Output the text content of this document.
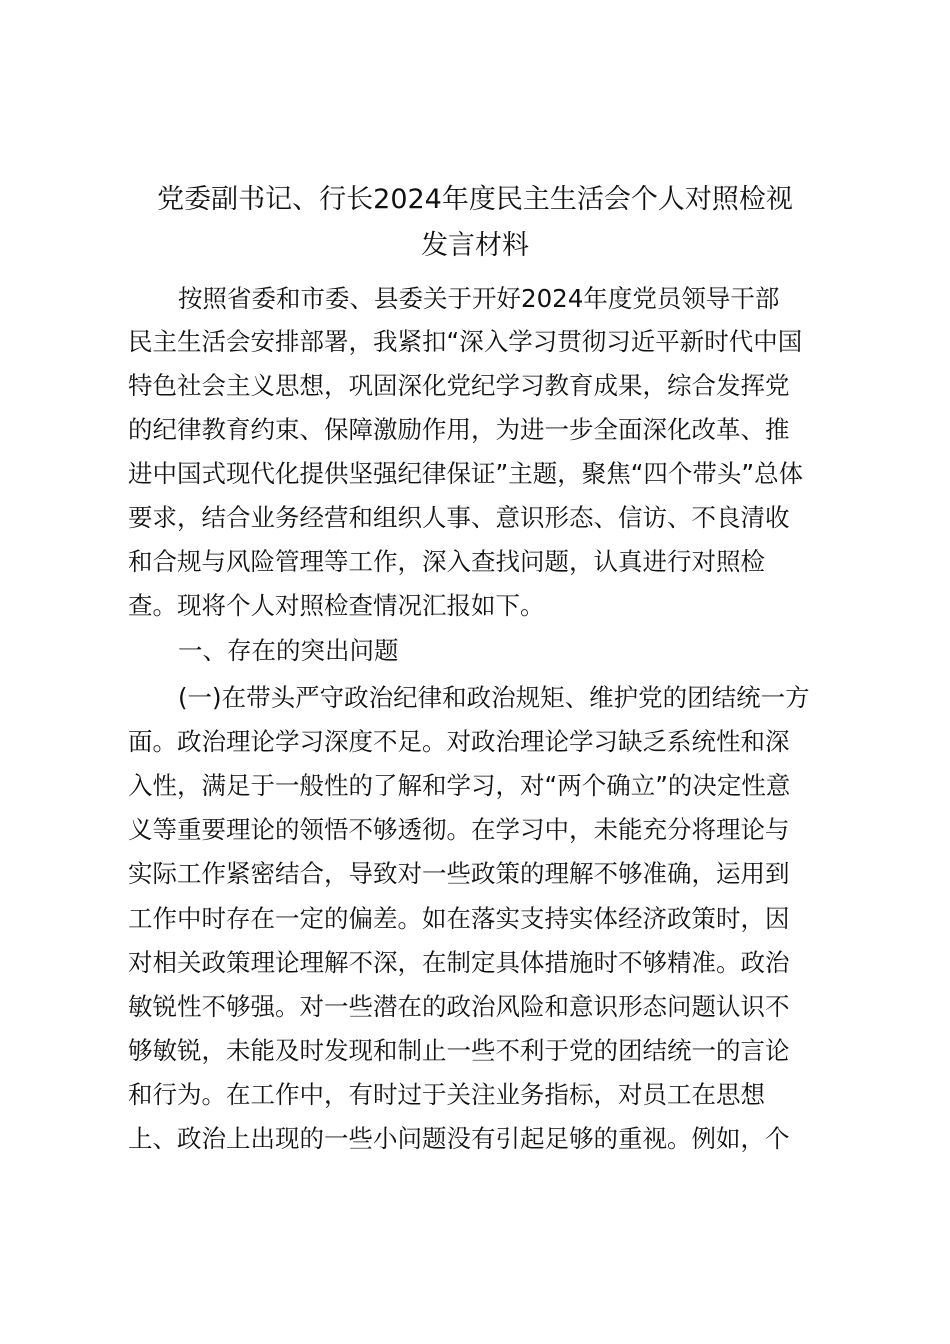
党委副书记、行长2024年度民主生活会个人对照检视
发言材料

按照省委和市委、县委关于开好2024年度党员领导干部

民主生活会安排部署，我紧扣“深入学习贯彻习近平新时代中国

特色社会主义思想，巩固深化党纪学习教育成果，综合发挥党

的纪律教育约束、保障激励作用，为进一步全面深化改革、推

进中国式现代化提供坚强纪律保证”主题，聚焦“四个带头”总体

要求，结合业务经营和组织人事、意识形态、信访、不良清收

和合规与风险管理等工作，深入查找问题，认真进行对照检

查。现将个人对照检查情况汇报如下。

一、存在的突出问题

(一)在带头严守政治纪律和政治规矩、维护党的团结统一方

面。政治理论学习深度不足。对政治理论学习缺乏系统性和深

入性，满足于一般性的了解和学习，对“两个确立”的决定性意

义等重要理论的领悟不够透彻。在学习中，未能充分将理论与

实际工作紧密结合，导致对一些政策的理解不够准确，运用到

工作中时存在一定的偏差。如在落实支持实体经济政策时，因

对相关政策理论理解不深，在制定具体措施时不够精准。政治

敏锐性不够强。对一些潜在的政治风险和意识形态问题认识不

够敏锐，未能及时发现和制止一些不利于党的团结统一的言论

和行为。在工作中，有时过于关注业务指标，对员工在思想

上、政治上出现的一些小问题没有引起足够的重视。例如，个
